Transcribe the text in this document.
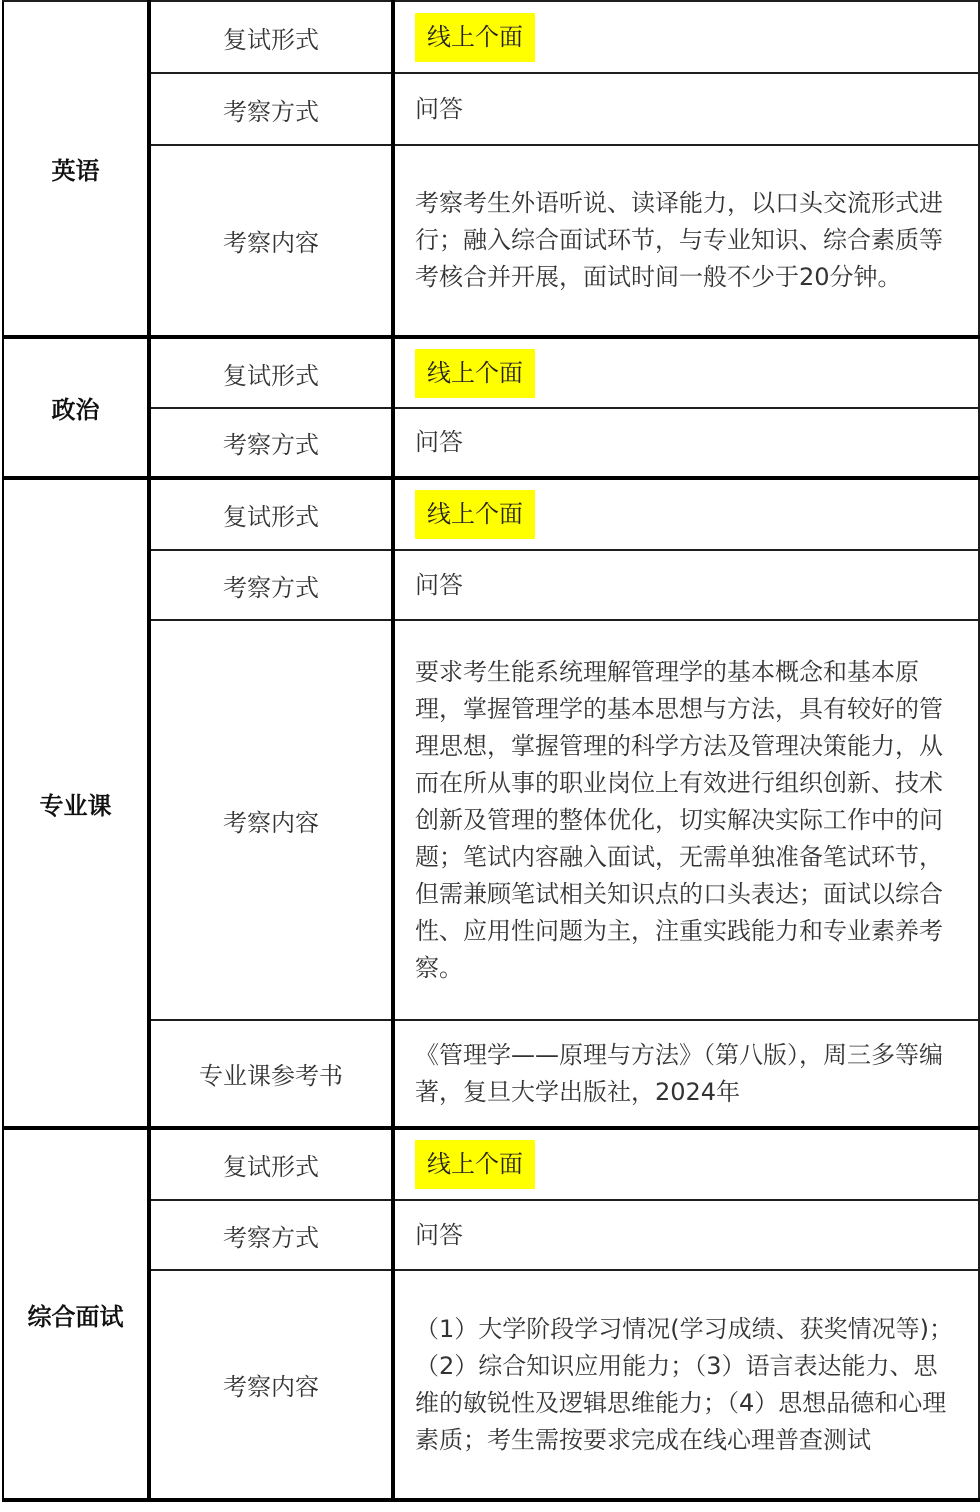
英语	复试形式	线上个面
	考察方式	问答
	考察内容	考察考生外语听说、读译能力，以口头交流形式进行；融入综合面试环节，与专业知识、综合素质等考核合并开展，面试时间一般不少于20分钟。
政治	复试形式	线上个面
	考察方式	问答
专业课	复试形式	线上个面
	考察方式	问答
	考察内容	要求考生能系统理解管理学的基本概念和基本原理，掌握管理学的基本思想与方法，具有较好的管理思想，掌握管理的科学方法及管理决策能力，从而在所从事的职业岗位上有效进行组织创新、技术创新及管理的整体优化，切实解决实际工作中的问题；笔试内容融入面试，无需单独准备笔试环节，但需兼顾笔试相关知识点的口头表达；面试以综合性、应用性问题为主，注重实践能力和专业素养考察。
	专业课参考书	《管理学——原理与方法》（第八版），周三多等编著，复旦大学出版社，2024年
综合面试	复试形式	线上个面
	考察方式	问答
	考察内容	（1）大学阶段学习情况(学习成绩、获奖情况等)；（2）综合知识应用能力；（3）语言表达能力、思维的敏锐性及逻辑思维能力；（4）思想品德和心理素质；考生需按要求完成在线心理普查测试
